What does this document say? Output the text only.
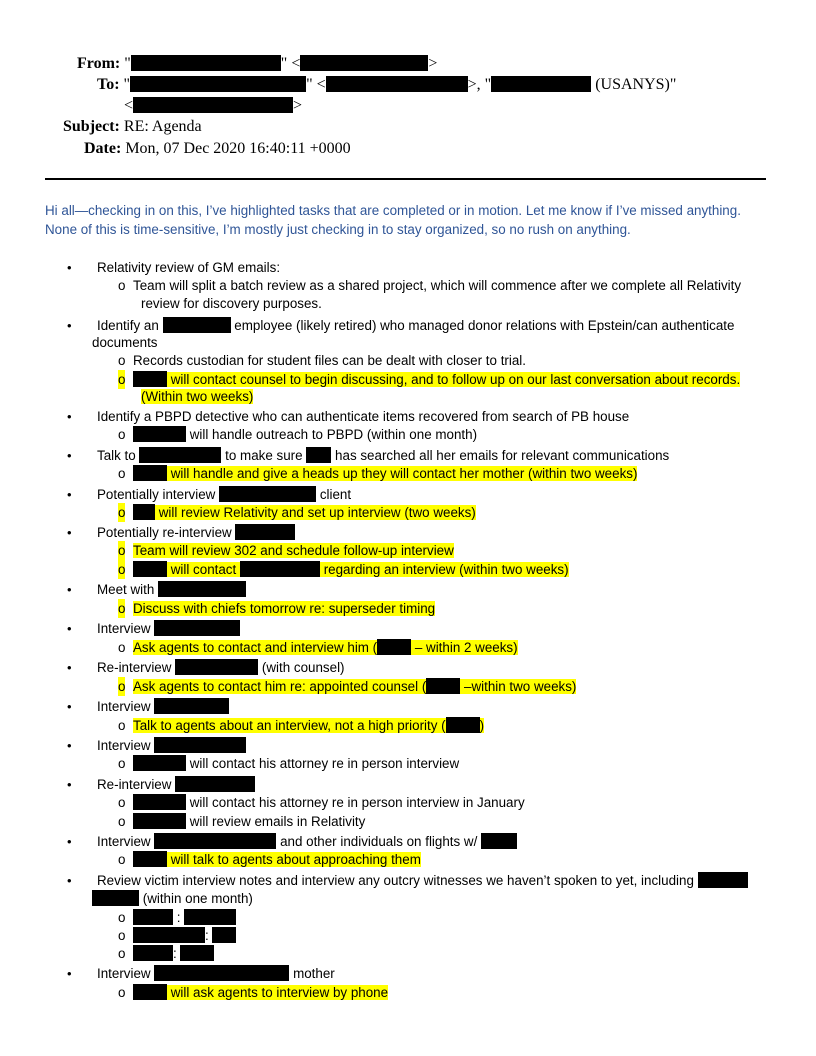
From: "	" <	>
To: "	" <	>, "	(USANYS)"
<	>
Subject: RE: Agenda
Date: Mon, 07 Dec 2020 16:40:11 +0000

Hi all—checking in on this, I’ve highlighted tasks that are completed or in motion. Let me know if I’ve missed anything.

None of this is time-sensitive, I’m mostly just checking in to stay organized, so no rush on anything.

• Relativity review of GM emails:
o Team will split a batch review as a shared project, which will commence after we complete all Relativity
review for discovery purposes.
• Identify an	employee (likely retired) who managed donor relations with Epstein/can authenticate
documents
o Records custodian for student files can be dealt with closer to trial.
o	will contact counsel to begin discussing, and to follow up on our last conversation about records.
(Within two weeks)
• Identify a PBPD detective who can authenticate items recovered from search of PB house
o	will handle outreach to PBPD (within one month)
• Talk to	to make sure has searched all her emails for relevant communications
o	will handle and give a heads up they will contact her mother (within two weeks)
• Potentially interview	client
o will review Relativity and set up interview (two weeks)
• Potentially re-interview
o Team will review 302 and schedule follow-up interview
o	will contact	regarding an interview (within two weeks)
• Meet with
o Discuss with chiefs tomorrow re: superseder timing
• Interview
o Ask agents to contact and interview him (	– within 2 weeks)
• Re-interview	(with counsel)
o Ask agents to contact him re: appointed counsel (	–within two weeks)
• Interview
o Talk to agents about an interview, not a high priority (	)
• Interview
o	will contact his attorney re in person interview
• Re-interview
o	will contact his attorney re in person interview in January
o	will review emails in Relativity
• Interview	and other individuals on flights w/
o	will talk to agents about approaching them
• Review victim interview notes and interview any outcry witnesses we haven’t spoken to yet, including
(within one month)
o	:
o	:
o	:
• Interview	mother
o	will ask agents to interview by phone
